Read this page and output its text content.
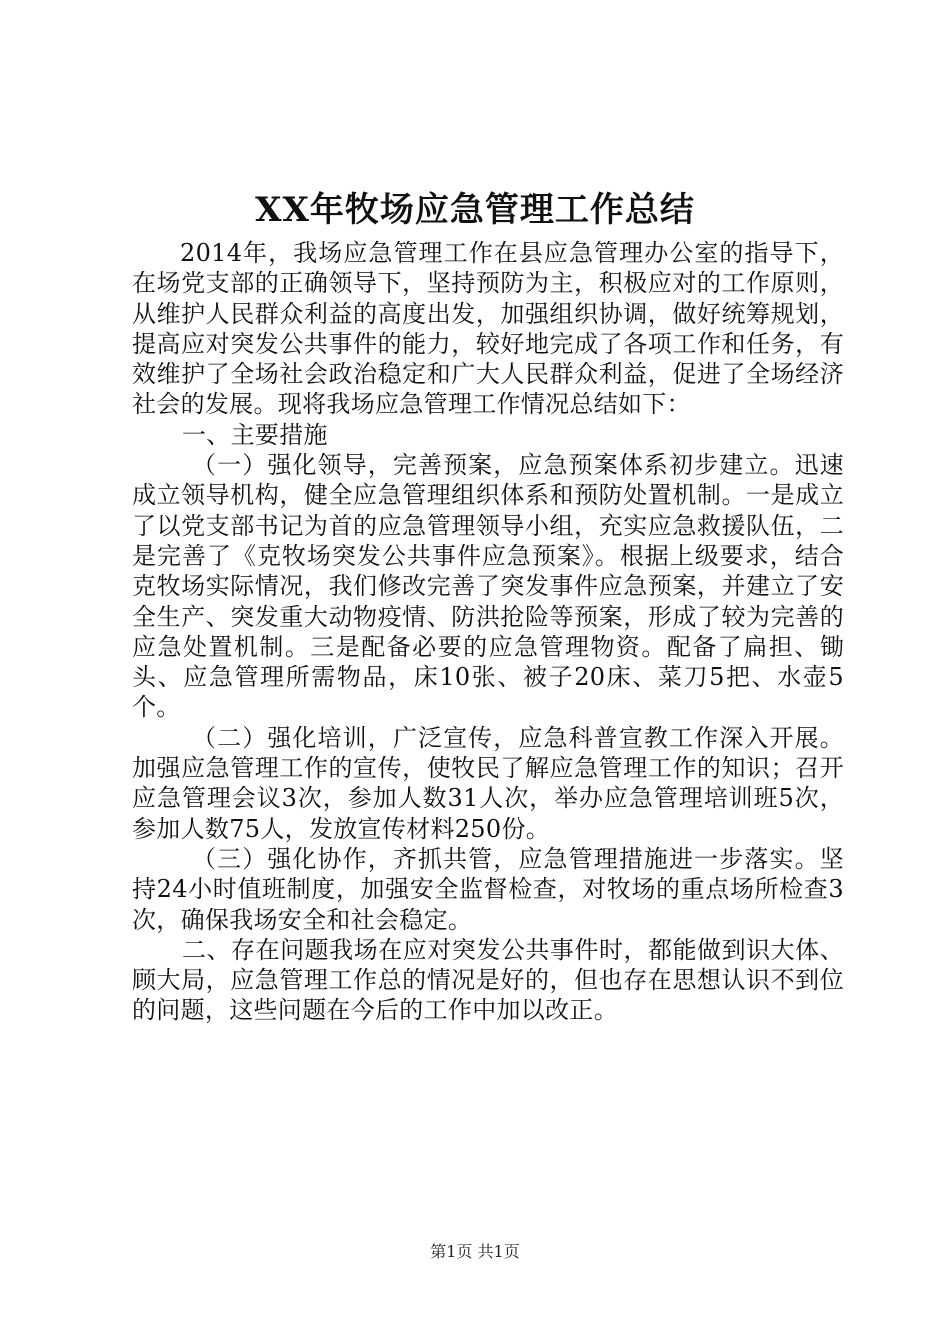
XX年牧场应急管理工作总结

2014年，我场应急管理工作在县应急管理办公室的指导下，在场党支部的正确领导下，坚持预防为主，积极应对的工作原则，从维护人民群众利益的高度出发，加强组织协调，做好统筹规划，提高应对突发公共事件的能力，较好地完成了各项工作和任务，有效维护了全场社会政治稳定和广大人民群众利益，促进了全场经济社会的发展。现将我场应急管理工作情况总结如下：

一、主要措施

（一）强化领导，完善预案，应急预案体系初步建立。迅速成立领导机构，健全应急管理组织体系和预防处置机制。一是成立了以党支部书记为首的应急管理领导小组，充实应急救援队伍，二是完善了《克牧场突发公共事件应急预案》。根据上级要求，结合克牧场实际情况，我们修改完善了突发事件应急预案，并建立了安全生产、突发重大动物疫情、防洪抢险等预案，形成了较为完善的应急处置机制。三是配备必要的应急管理物资。配备了扁担、锄头、应急管理所需物品，床10张、被子20床、菜刀5把、水壶5个。

（二）强化培训，广泛宣传，应急科普宣教工作深入开展。加强应急管理工作的宣传，使牧民了解应急管理工作的知识；召开应急管理会议3次，参加人数31人次，举办应急管理培训班5次，参加人数75人，发放宣传材料250份。

（三）强化协作，齐抓共管，应急管理措施进一步落实。坚持24小时值班制度，加强安全监督检查，对牧场的重点场所检查3次，确保我场安全和社会稳定。

二、存在问题我场在应对突发公共事件时，都能做到识大体、顾大局，应急管理工作总的情况是好的，但也存在思想认识不到位的问题，这些问题在今后的工作中加以改正。

第1页 共1页
